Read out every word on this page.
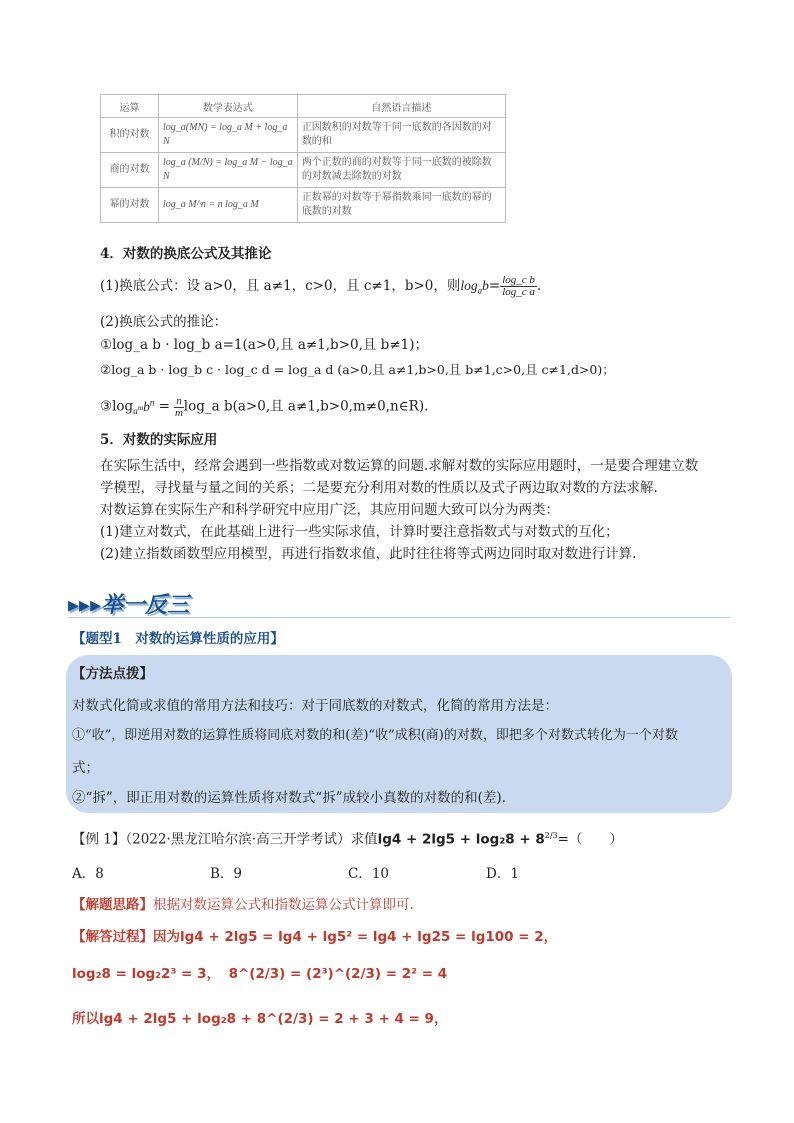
运算	数学表达式	自然语言描述
积的对数	log_a(MN) = log_a M + log_a N	正因数积的对数等于同一底数的各因数的对数的和
商的对数	log_a (M/N) = log_a M − log_a N	两个正数的商的对数等于同一底数的被除数的对数减去除数的对数
幂的对数	log_a M^n = n log_a M	正数幂的对数等于幂指数乘同一底数的幂的底数的对数
4．对数的换底公式及其推论
(1)换底公式：设 a>0，且 a≠1，c>0，且 c≠1，b>0，则$\log_ab= \frac{\text{log\_c b}}{\text{log\_c a}}$ .
(2)换底公式的推论：
①log_a b · log_b a=1(a>0,且 a≠1,b>0,且 b≠1)；
②log_a b · log_b c · log_c d = log_a d (a>0,且 a≠1,b>0,且 b≠1,c>0,且 c≠1,d>0)；
$③\log_{a^m}b^n = \frac{n}{m}$ log_a b(a>0,且 a≠1,b>0,m≠0,n∈R).
5．对数的实际应用
在实际生活中，经常会遇到一些指数或对数运算的问题.求解对数的实际应用题时，一是要合理建立数
学模型，寻找量与量之间的关系；二是要充分利用对数的性质以及式子两边取对数的方法求解.
对数运算在实际生产和科学研究中应用广泛，其应用问题大致可以分为两类：
(1)建立对数式，在此基础上进行一些实际求值，计算时要注意指数式与对数式的互化；
(2)建立指数函数型应用模型，再进行指数求值，此时往往将等式两边同时取对数进行计算.
▸▸▸举一反三
【题型1　对数的运算性质的应用】
【方法点拨】
对数式化简或求值的常用方法和技巧：对于同底数的对数式，化简的常用方法是：
①“收”，即逆用对数的运算性质将同底对数的和(差)“收”成积(商)的对数，即把多个对数式转化为一个对数
式；
②“拆”，即正用对数的运算性质将对数式“拆”成较小真数的对数的和(差).
【例 1】（2022·黑龙江哈尔滨·高三开学考试）求值$\lg 4 + 2\lg 5 + \log_28 + 8^{2/3}=$（　　）
A．8	B．9	C．10	D．1
【解题思路】根据对数运算公式和指数运算公式计算即可.
【解答过程】因为lg4 + 2lg5 = lg4 + lg5² = lg4 + lg25 = lg100 = 2，
log₂8 = log₂2³ = 3， 8^(2/3) = (2³)^(2/3) = 2² = 4
所以lg4 + 2lg5 + log₂8 + 8^(2/3) = 2 + 3 + 4 = 9，
